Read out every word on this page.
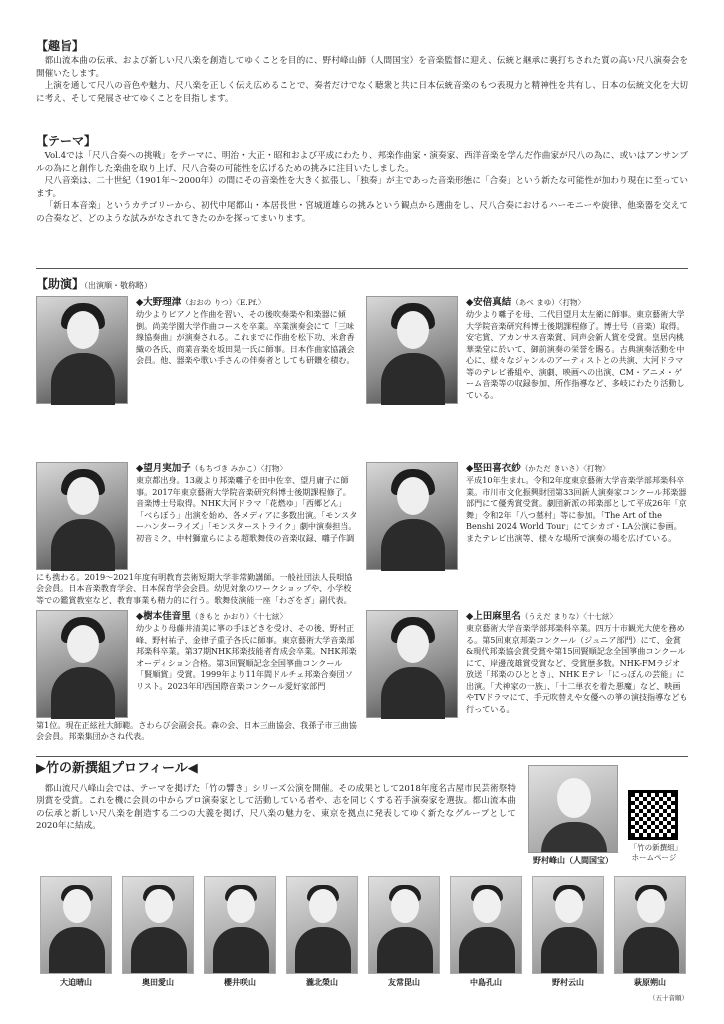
【趣旨】

都山流本曲の伝承、および新しい尺八楽を創造してゆくことを目的に、野村峰山師（人間国宝）を音楽監督に迎え、伝統と継承に裏打ちされた質の高い尺八演奏会を開催いたします。

上演を通して尺八の音色や魅力、尺八楽を正しく伝え広めることで、奏者だけでなく聴衆と共に日本伝統音楽のもつ表現力と精神性を共有し、日本の伝統文化を大切に考え、そして発展させてゆくことを目指します。

【テーマ】

Vol.4では「尺八合奏への挑戦」をテーマに、明治・大正・昭和および平成にわたり、邦楽作曲家・演奏家、西洋音楽を学んだ作曲家が尺八の為に、或いはアンサンブルの為にと創作した楽曲を取り上げ、尺八合奏の可能性を広げるための挑みに注目いたしました。

尺八音楽は、二十世紀（1901年〜2000年）の間にその音楽性を大きく拡張し、「独奏」が主であった音楽形態に「合奏」という新たな可能性が加わり現在に至っています。

「新日本音楽」というカテゴリーから、初代中尾都山・本居長世・宮城道雄らの挑みという観点から選曲をし、尺八合奏におけるハーモニーや旋律、他楽器を交えての合奏など、どのような試みがなされてきたのかを探ってまいります。

【助演】（出演順・敬称略）
◆大野理津（おおの りつ）〈E.Pf.〉
幼少よりピアノと作曲を習い、その後吹奏楽や和楽器に傾倒。尚美学園大学作曲コースを卒業。卒業演奏会にて「三味線協奏曲」が演奏される。これまでに作曲を松下功、米倉香織の各氏、商業音楽を坂田晃一氏に師事。日本作曲家協議会会員。他、器楽や歌い手さんの伴奏者としても研鑽を積む。
◆安倍真結（あべ まゆ）〈打物〉
幼少より囃子を母、二代目望月太左衛に師事。東京藝術大学大学院音楽研究科博士後期課程修了。博士号（音楽）取得。安宅賞、アカンサス音楽賞、同声会新人賞を受賞。皇居内桃華楽堂に於いて、御前演奏の栄誉を賜る。古典演奏活動を中心に、様々なジャンルのアーティストとの共演、大河ドラマ等のテレビ番組や、演劇、映画への出演、CM・アニメ・ゲーム音楽等の収録参加、所作指導など、多岐にわたり活動している。
◆望月実加子（もちづき みかこ）〈打物〉
東京都出身。13歳より邦楽囃子を田中佐幸、望月庸子に師事。2017年東京藝術大学院音楽研究科博士後期課程修了。音楽博士号取得。NHK大河ドラマ「花燃ゆ」「西郷どん」「べらぼう」出演を始め、各メディアに多数出演。「モンスターハンターライズ」「モンスターストライク」劇中演奏担当。初音ミク、中村獅童らによる超歌舞伎の音楽収録、囃子作調
にも携わる。2019〜2021年度有明教育芸術短期大学非常勤講師。一般社団法人長唄協会会員。日本音楽教育学会、日本保育学会会員。幼児対象のワークショップや、小学校等での鑑賞教室など、教育事業も精力的に行う。歌舞伎演能一座「わざをぎ」副代表。
◆堅田喜衣紗（かただ きいさ）〈打物〉
平成10年生まれ。令和2年度東京藝術大学音楽学部邦楽科卒業。市川市文化振興財団第33回新人演奏家コンクール邦楽器部門にて優秀賞受賞。劇団新派の邦楽部として平成26年「京舞」令和2年「八つ墓村」等に参加。「The Art of the Benshi 2024 World Tour」にてシカゴ・LA公演に参画。またテレビ出演等、様々な場所で演奏の場を広げている。
◆樹本佳音里（きもと かおり）〈十七絃〉
幼少より母藤井清美に箏の手ほどきを受け、その後、野村正峰、野村祐子、金律子重子各氏に師事。東京藝術大学音楽部邦楽科卒業。第37期NHK邦楽技能者育成会卒業。NHK邦楽オーディション合格。第3回賢順記念全国箏曲コンクール「賢順賞」受賞。1999年より11年間ドルチェ邦楽合奏団ソリスト。2023年印西国際音楽コンクール愛好家部門
第1位。現在正絃社大師範。さわらび会副会長。森の会、日本三曲協会、我孫子市三曲協会会員。邦楽集団かさね代表。
◆上田麻里名（うえだ まりな）〈十七絃〉
東京藝術大学音楽学部邦楽科卒業。四万十市観光大使を務める。第5回東京邦楽コンクール（ジュニア部門）にて、金賞&現代邦楽協会賞受賞や第15回賢順記念全国箏曲コンクールにて、岸邊茂雄賞受賞など、受賞歴多数。NHK-FMラジオ放送「邦楽のひととき」、NHK Eテレ「にっぽんの芸能」に出演。「犬神家の一族」、「十二単衣を着た悪魔」など、映画やTVドラマにて、手元吹替えや女優への箏の演技指導なども行っている。
▶竹の新撰組プロフィール◀

都山流尺八峰山会では、テーマを掲げた「竹の響き」シリーズ公演を開催。その成果として2018年度名古屋市民芸術祭特別賞を受賞。これを機に会員の中からプロ演奏家として活動している者や、志を同じくする若手演奏家を選抜。都山流本曲の伝承と新しい尺八楽を創造する二つの大義を掲げ、尺八楽の魅力を、東京を拠点に発表してゆく新たなグループとして2020年に結成。

野村峰山（人間国宝）
「竹の新撰組」ホームページ
大迫晴山	奥田愛山	櫻井咲山	瀧北榮山	友常毘山	中島孔山	野村云山	萩原朔山
（五十音順）
